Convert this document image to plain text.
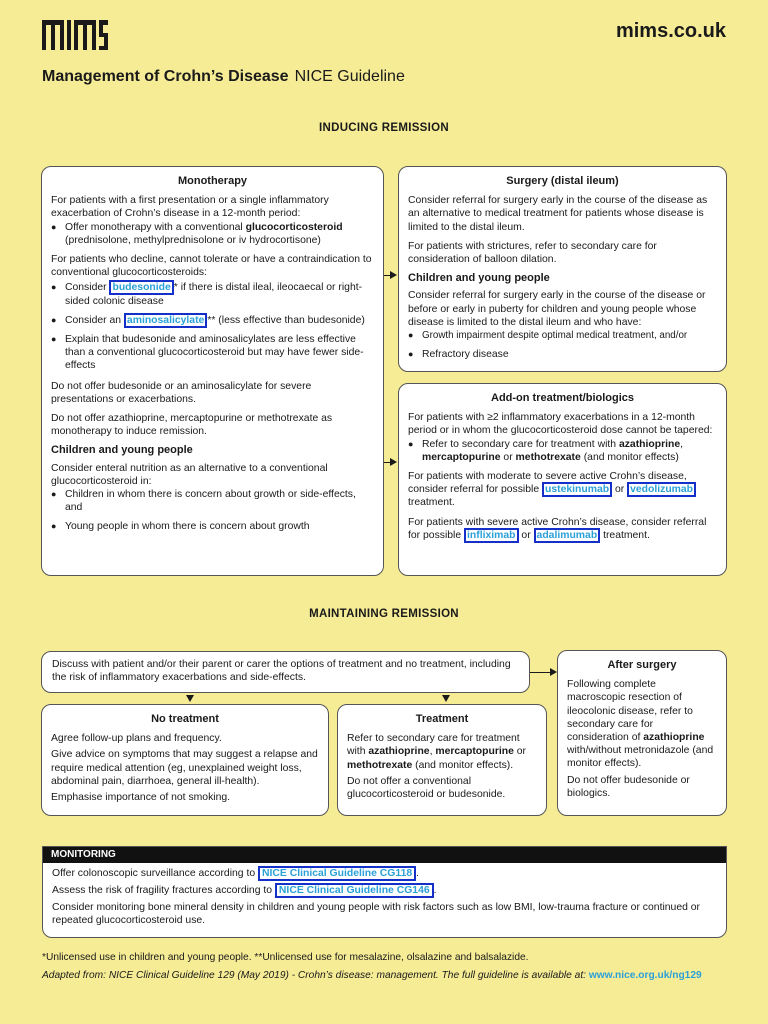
mims.co.uk
Management of Crohn’s Disease NICE Guideline
INDUCING REMISSION
Monotherapy

For patients with a first presentation or a single inflammatory exacerbation of Crohn’s disease in a 12-month period:

● Offer monotherapy with a conventional glucocorticosteroid (prednisolone, methylprednisolone or iv hydrocortisone)

For patients who decline, cannot tolerate or have a contraindication to conventional glucocorticosteroids:

● Consider budesonide * if there is distal ileal, ileocaecal or right-sided colonic disease

● Consider an aminosalicylate ** (less effective than budesonide)

● Explain that budesonide and aminosalicylates are less effective than a conventional glucocorticosteroid but may have fewer side-effects

Do not offer budesonide or an aminosalicylate for severe presentations or exacerbations.

Do not offer azathioprine, mercaptopurine or methotrexate as monotherapy to induce remission.

Children and young people

Consider enteral nutrition as an alternative to a conventional glucocorticosteroid in:

● Children in whom there is concern about growth or side-effects, and

● Young people in whom there is concern about growth

Surgery (distal ileum)

Consider referral for surgery early in the course of the disease as an alternative to medical treatment for patients whose disease is limited to the distal ileum.

For patients with strictures, refer to secondary care for consideration of balloon dilation.

Children and young people

Consider referral for surgery early in the course of the disease or before or early in puberty for children and young people whose disease is limited to the distal ileum and who have:

● Growth impairment despite optimal medical treatment, and/or

● Refractory disease

Add-on treatment/biologics

For patients with ≥2 inflammatory exacerbations in a 12-month period or in whom the glucocorticosteroid dose cannot be tapered:

● Refer to secondary care for treatment with azathioprine, mercaptopurine or methotrexate (and monitor effects)

For patients with moderate to severe active Crohn’s disease, consider referral for possible ustekinumab or vedolizumab treatment.

For patients with severe active Crohn’s disease, consider referral for possible infliximab or adalimumab treatment.

MAINTAINING REMISSION

Discuss with patient and/or their parent or carer the options of treatment and no treatment, including the risk of inflammatory exacerbations and side-effects.

No treatment

Agree follow-up plans and frequency.

Give advice on symptoms that may suggest a relapse and require medical attention (eg, unexplained weight loss, abdominal pain, diarrhoea, general ill-health).

Emphasise importance of not smoking.

Treatment

Refer to secondary care for treatment with azathioprine, mercaptopurine or methotrexate (and monitor effects).

Do not offer a conventional glucocorticosteroid or budesonide.

After surgery

Following complete macroscopic resection of ileocolonic disease, refer to secondary care for consideration of azathioprine with/without metronidazole (and monitor effects).

Do not offer budesonide or biologics.

MONITORING

Offer colonoscopic surveillance according to NICE Clinical Guideline CG118 .

Assess the risk of fragility fractures according to NICE Clinical Guideline CG146 .

Consider monitoring bone mineral density in children and young people with risk factors such as low BMI, low-trauma fracture or continued or repeated glucocorticosteroid use.

*Unlicensed use in children and young people. **Unlicensed use for mesalazine, olsalazine and balsalazide.
Adapted from: NICE Clinical Guideline 129 (May 2019) - Crohn’s disease: management. The full guideline is available at: www.nice.org.uk/ng129
